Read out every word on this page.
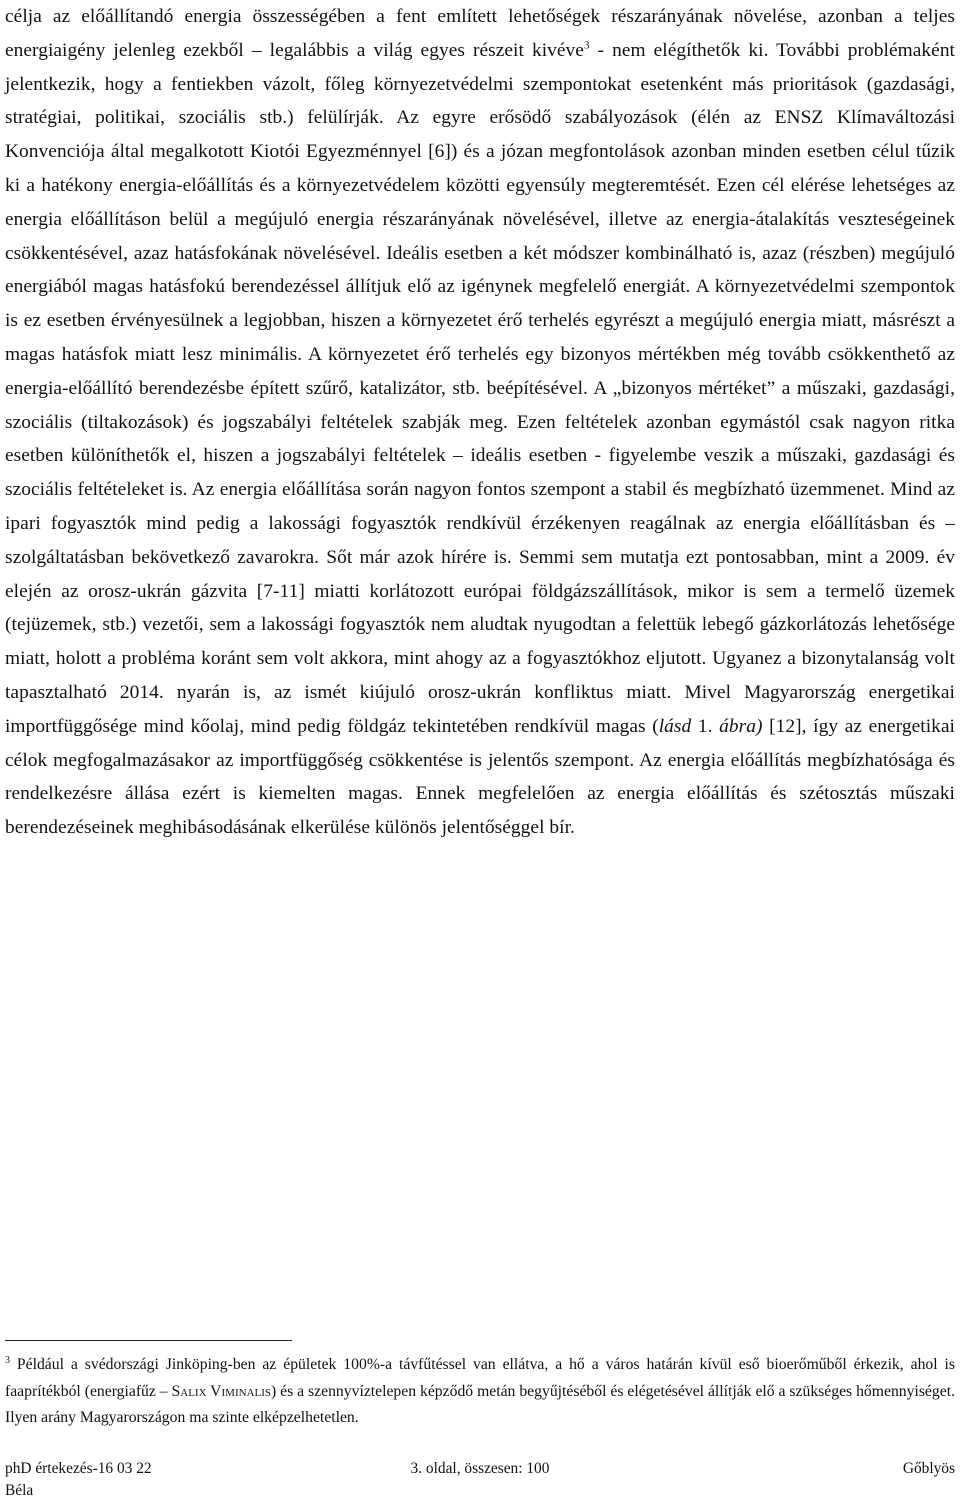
célja az előállítandó energia összességében a fent említett lehetőségek részarányának növelése, azonban a teljes energiaigény jelenleg ezekből – legalábbis a világ egyes részeit kivéve$^3$ - nem elégíthetők ki. További problémaként jelentkezik, hogy a fentiekben vázolt, főleg környezetvédelmi szempontokat esetenként más prioritások (gazdasági, stratégiai, politikai, szociális stb.) felülírják. Az egyre erősödő szabályozások (élén az ENSZ Klímaváltozási Konvenciója által megalkotott Kiotói Egyezménnyel [6]) és a józan megfontolások azonban minden esetben célul tűzik ki a hatékony energia-előállítás és a környezetvédelem közötti egyensúly megteremtését. Ezen cél elérése lehetséges az energia előállításon belül a megújuló energia részarányának növelésével, illetve az energia-átalakítás veszteségeinek csökkentésével, azaz hatásfokának növelésével. Ideális esetben a két módszer kombinálható is, azaz (részben) megújuló energiából magas hatásfokú berendezéssel állítjuk elő az igénynek megfelelő energiát. A környezetvédelmi szempontok is ez esetben érvényesülnek a legjobban, hiszen a környezetet érő terhelés egyrészt a megújuló energia miatt, másrészt a magas hatásfok miatt lesz minimális. A környezetet érő terhelés egy bizonyos mértékben még tovább csökkenthető az energia-előállító berendezésbe épített szűrő, katalizátor, stb. beépítésével. A „bizonyos mértéket” a műszaki, gazdasági, szociális (tiltakozások) és jogszabályi feltételek szabják meg. Ezen feltételek azonban egymástól csak nagyon ritka esetben különíthetők el, hiszen a jogszabályi feltételek – ideális esetben - figyelembe veszik a műszaki, gazdasági és szociális feltételeket is. Az energia előállítása során nagyon fontos szempont a stabil és megbízható üzemmenet. Mind az ipari fogyasztók mind pedig a lakossági fogyasztók rendkívül érzékenyen reagálnak az energia előállításban és – szolgáltatásban bekövetkező zavarokra. Sőt már azok hírére is. Semmi sem mutatja ezt pontosabban, mint a 2009. év elején az orosz-ukrán gázvita [7-11] miatti korlátozott európai földgázszállítások, mikor is sem a termelő üzemek (tejüzemek, stb.) vezetői, sem a lakossági fogyasztók nem aludtak nyugodtan a felettük lebegő gázkorlátozás lehetősége miatt, holott a probléma koránt sem volt akkora, mint ahogy az a fogyasztókhoz eljutott. Ugyanez a bizonytalanság volt tapasztalható 2014. nyarán is, az ismét kiújuló orosz-ukrán konfliktus miatt. Mivel Magyarország energetikai importfüggősége mind kőolaj, mind pedig földgáz tekintetében rendkívül magas (lásd 1. ábra) [12], így az energetikai célok megfogalmazásakor az importfüggőség csökkentése is jelentős szempont. Az energia előállítás megbízhatósága és rendelkezésre állása ezért is kiemelten magas. Ennek megfelelően az energia előállítás és szétosztás műszaki berendezéseinek meghibásodásának elkerülése különös jelentőséggel bír.

$^3$ Például a svédországi Jinköping-ben az épületek 100%-a távfűtéssel van ellátva, a hő a város határán kívül eső bioerőműből érkezik, ahol is faaprítékból (energiafűz – Salix Viminalis) és a szennyvíztelepen képződő metán begyűjtéséből és elégetésével állítják elő a szükséges hőmennyiséget. Ilyen arány Magyarországon ma szinte elképzelhetetlen.

phD értekezés-16 03 22	3. oldal, összesen: 100	Gőblyös
Béla
